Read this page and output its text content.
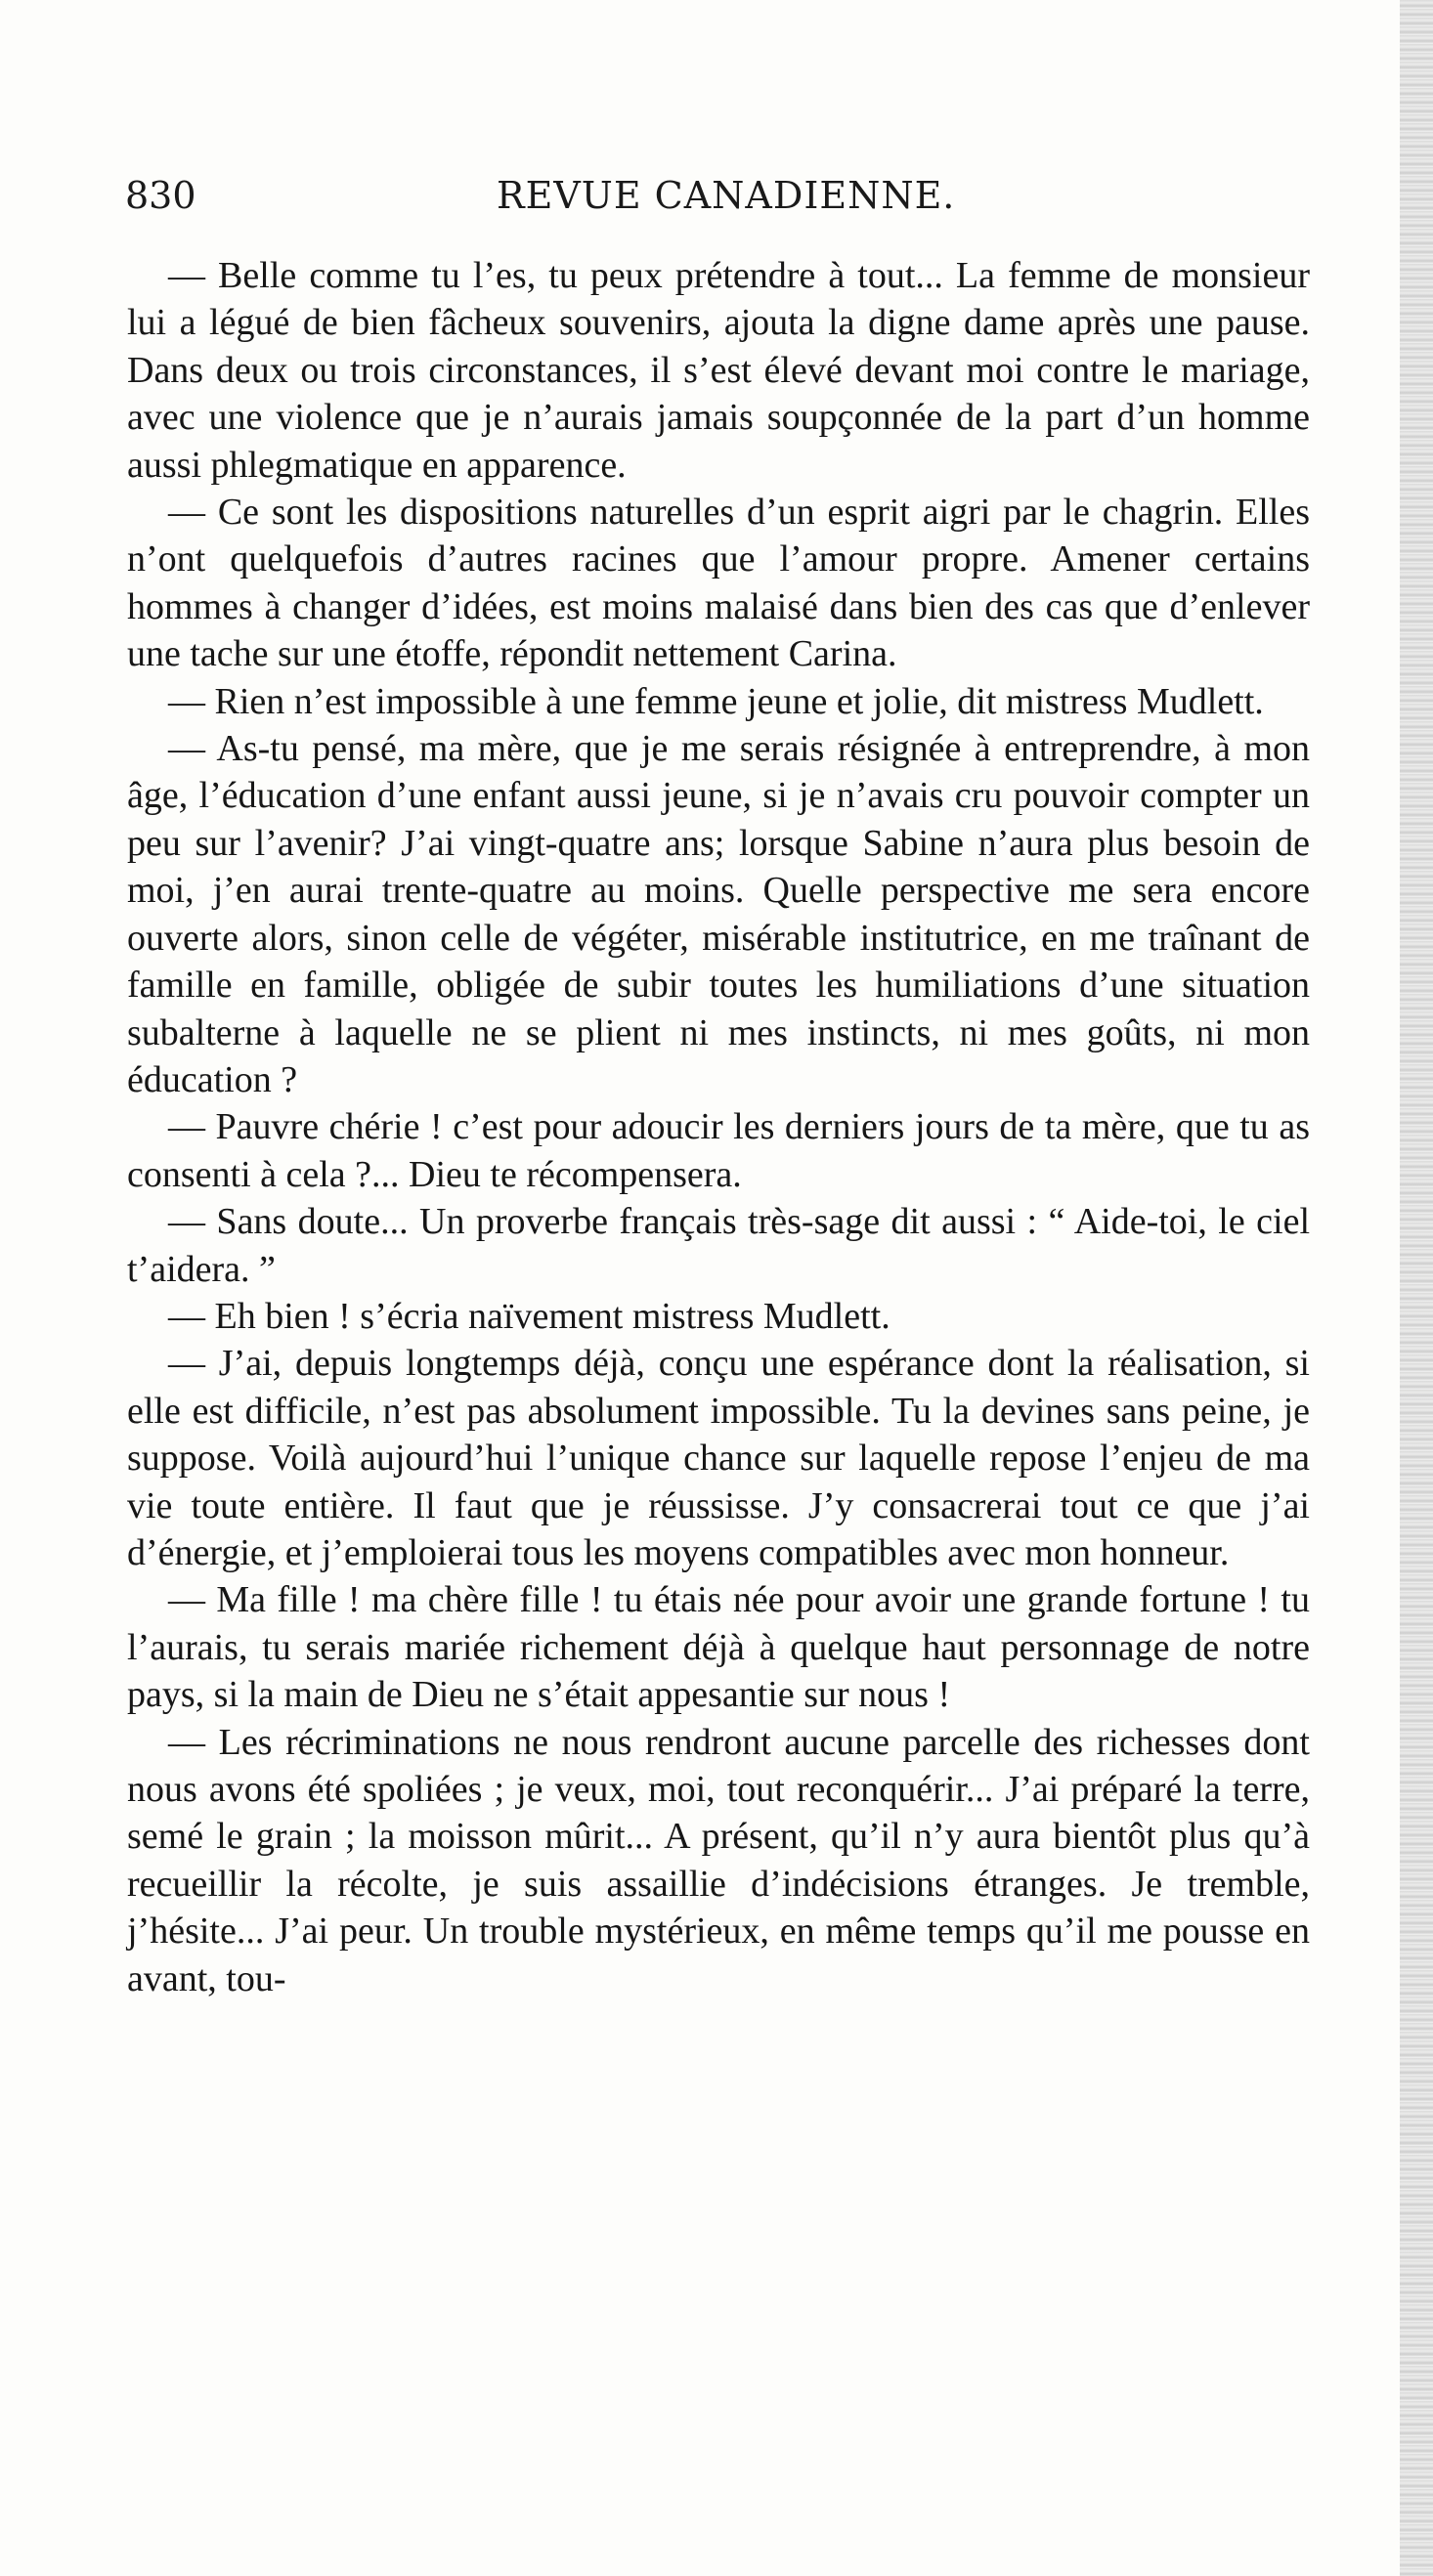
830	REVUE CANADIENNE.

— Belle comme tu l’es, tu peux prétendre à tout... La femme de monsieur lui a légué de bien fâcheux souvenirs, ajouta la digne dame après une pause. Dans deux ou trois circonstances, il s’est élevé devant moi contre le mariage, avec une violence que je n’aurais jamais soupçonnée de la part d’un homme aussi phlegmatique en apparence.

— Ce sont les dispositions naturelles d’un esprit aigri par le chagrin. Elles n’ont quelquefois d’autres racines que l’amour propre. Amener certains hommes à changer d’idées, est moins malaisé dans bien des cas que d’enlever une tache sur une étoffe, répondit nettement Carina.

— Rien n’est impossible à une femme jeune et jolie, dit mistress Mudlett.

— As-tu pensé, ma mère, que je me serais résignée à entreprendre, à mon âge, l’éducation d’une enfant aussi jeune, si je n’avais cru pouvoir compter un peu sur l’avenir? J’ai vingt-quatre ans; lorsque Sabine n’aura plus besoin de moi, j’en aurai trente-quatre au moins. Quelle perspective me sera encore ouverte alors, sinon celle de végéter, misérable institutrice, en me traînant de famille en famille, obligée de subir toutes les humiliations d’une situation subalterne à laquelle ne se plient ni mes instincts, ni mes goûts, ni mon éducation ?

— Pauvre chérie ! c’est pour adoucir les derniers jours de ta mère, que tu as consenti à cela ?... Dieu te récompensera.

— Sans doute... Un proverbe français très-sage dit aussi : “ Aide-toi, le ciel t’aidera. ”

— Eh bien ! s’écria naïvement mistress Mudlett.

— J’ai, depuis longtemps déjà, conçu une espérance dont la réalisation, si elle est difficile, n’est pas absolument impossible. Tu la devines sans peine, je suppose. Voilà aujourd’hui l’unique chance sur laquelle repose l’enjeu de ma vie toute entière. Il faut que je réussisse. J’y consacrerai tout ce que j’ai d’énergie, et j’emploierai tous les moyens compatibles avec mon honneur.

— Ma fille ! ma chère fille ! tu étais née pour avoir une grande fortune ! tu l’aurais, tu serais mariée richement déjà à quelque haut personnage de notre pays, si la main de Dieu ne s’était appesantie sur nous !

— Les récriminations ne nous rendront aucune parcelle des richesses dont nous avons été spoliées ; je veux, moi, tout reconquérir... J’ai préparé la terre, semé le grain ; la moisson mûrit... A présent, qu’il n’y aura bientôt plus qu’à recueillir la récolte, je suis assaillie d’indécisions étranges. Je tremble, j’hésite... J’ai peur. Un trouble mystérieux, en même temps qu’il me pousse en avant, tou-
